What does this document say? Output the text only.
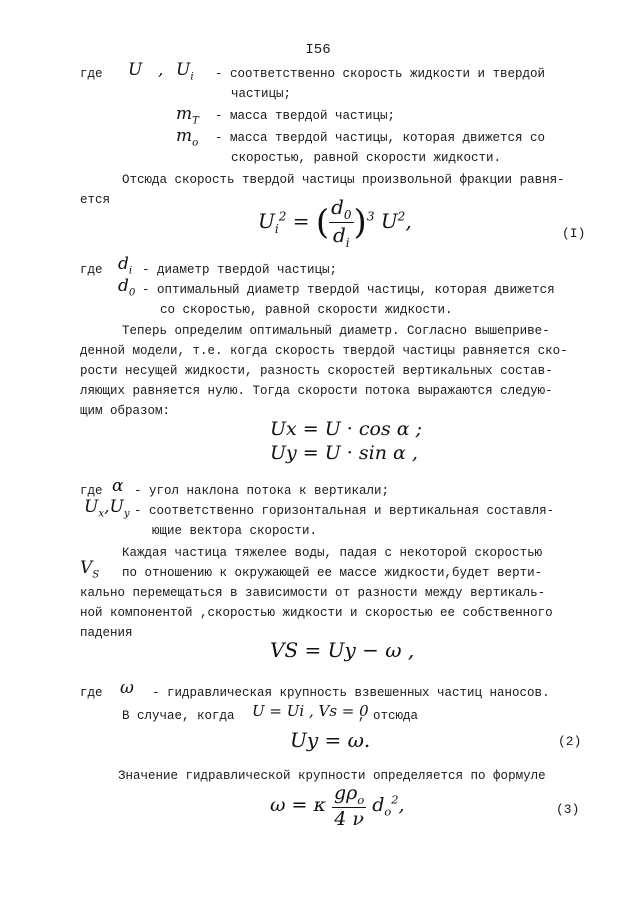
I56
где U , $U_i$ - соответственно скорость жидкости и твердой
частицы;
$m_T$ - масса твердой частицы;
$m_o$ - масса твердой частицы, которая движется со
скоростью, равной скорости жидкости.
Отсюда скорость твердой частицы произвольной фракции равня-
ется
$U_i^2$ = ( $\frac{d_0}{d_i} )^3$ $U^2$,
(I)
где $d_i$ - диаметр твердой частицы;
$d_0$ - оптимальный диаметр твердой частицы, которая движется
со скоростью, равной скорости жидкости.
Теперь определим оптимальный диаметр. Согласно вышеприве-
денной модели, т.е. когда скорость твердой частицы равняется ско-
рости несущей жидкости, разность скоростей вертикальных состав-
ляющих равняется нулю. Тогда скорости потока выражаются следую-
щим образом:
Ux = U · cos α ;
Uy = U · sin α ,
где α - угол наклона потока к вертикали;
$U_x,U_y$ - соответственно горизонтальная и вертикальная составля-
ющие вектора скорости.
Каждая частица тяжелее воды, падая с некоторой скоростью
$V_S$ по отношению к окружающей ее массе жидкости,будет верти-
кально перемещаться в зависимости от разности между вертикаль-
ной компонентой ,скоростью жидкости и скоростью ее собственного
падения
VS = Uy − ω ,
где ω - гидравлическая крупность взвешенных частиц наносов.
В случае, когда U = Ui , Vs = 0
, отсюда
Uy = ω.	(2)
Значение гидравлической крупности определяется по формуле
ω = κ $\frac{g\rho_o}{4 \nu} d_o^2$,	(3)
